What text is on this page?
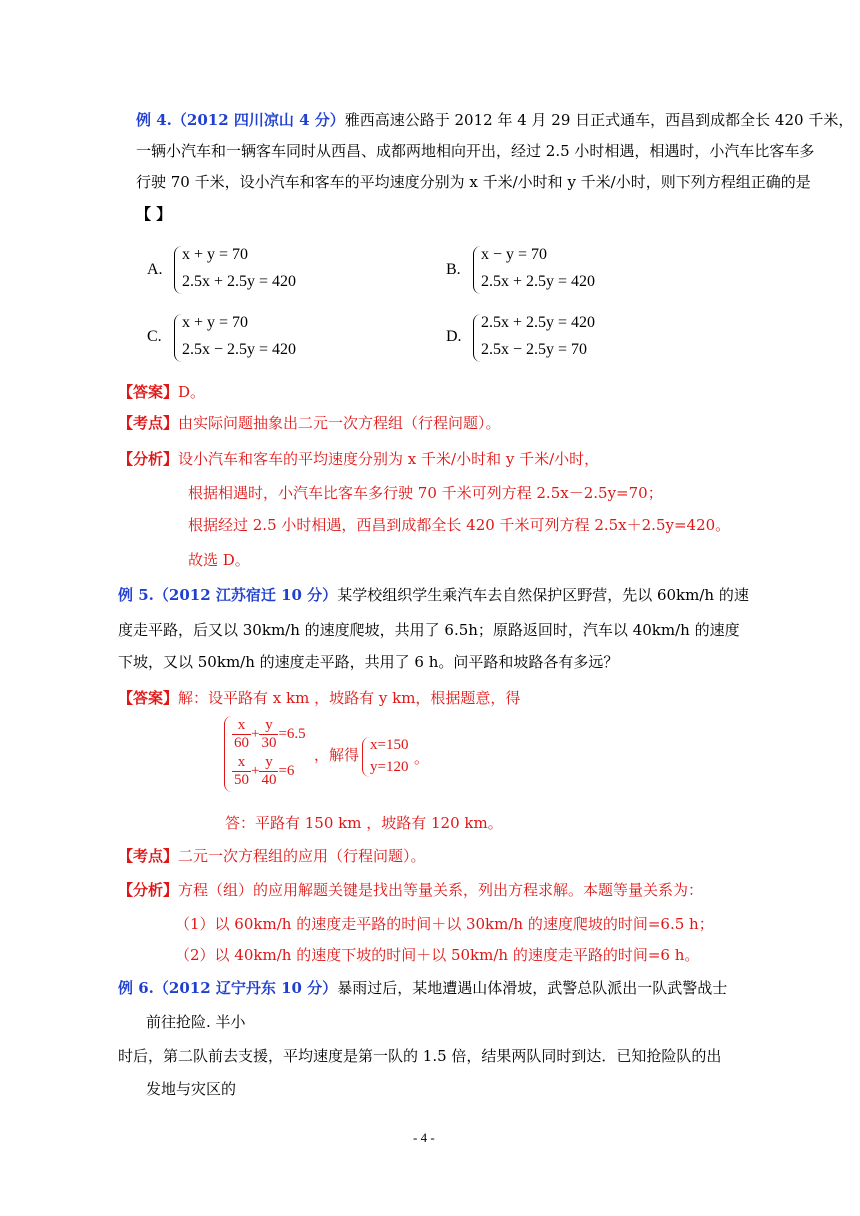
例 4.（2012 四川凉山 4 分）雅西高速公路于 2012 年 4 月 29 日正式通车，西昌到成都全长 420 千米，
一辆小汽车和一辆客车同时从西昌、成都两地相向开出，经过 2.5 小时相遇，相遇时，小汽车比客车多
行驶 70 千米，设小汽车和客车的平均速度分别为 x 千米/小时和 y 千米/小时，则下列方程组正确的是
【 】
A.
x + y = 70
2.5x + 2.5y = 420
B.
x − y = 70
2.5x + 2.5y = 420
C.
x + y = 70
2.5x − 2.5y = 420
D.
2.5x + 2.5y = 420
2.5x − 2.5y = 70
【答案】D。
【考点】由实际问题抽象出二元一次方程组（行程问题）。
【分析】设小汽车和客车的平均速度分别为 x 千米/小时和 y 千米/小时，
根据相遇时，小汽车比客车多行驶 70 千米可列方程 2.5x－2.5y=70；
根据经过 2.5 小时相遇，西昌到成都全长 420 千米可列方程 2.5x＋2.5y=420。
故选 D。
例 5.（2012 江苏宿迁 10 分）某学校组织学生乘汽车去自然保护区野营，先以 60km/h 的速
度走平路，后又以 30km/h 的速度爬坡，共用了 6.5h；原路返回时，汽车以 40km/h 的速度
下坡，又以 50km/h 的速度走平路，共用了 6 h。问平路和坡路各有多远？
【答案】解：设平路有 x km ，坡路有 y km，根据题意，得
$\frac{x}{60} + \frac{y}{30} =6.5$
$\frac{x}{50} + \frac{y}{40} =6$
，解得
x=150
y=120 。
答：平路有 150 km ，坡路有 120 km。
【考点】二元一次方程组的应用（行程问题）。
【分析】方程（组）的应用解题关键是找出等量关系，列出方程求解。本题等量关系为：
（1）以 60km/h 的速度走平路的时间＋以 30km/h 的速度爬坡的时间=6.5 h；
（2）以 40km/h 的速度下坡的时间＋以 50km/h 的速度走平路的时间=6 h。
例 6.（2012 辽宁丹东 10 分）暴雨过后，某地遭遇山体滑坡，武警总队派出一队武警战士
前往抢险. 半小
时后，第二队前去支援，平均速度是第一队的 1.5 倍，结果两队同时到达．已知抢险队的出
发地与灾区的
- 4 -
